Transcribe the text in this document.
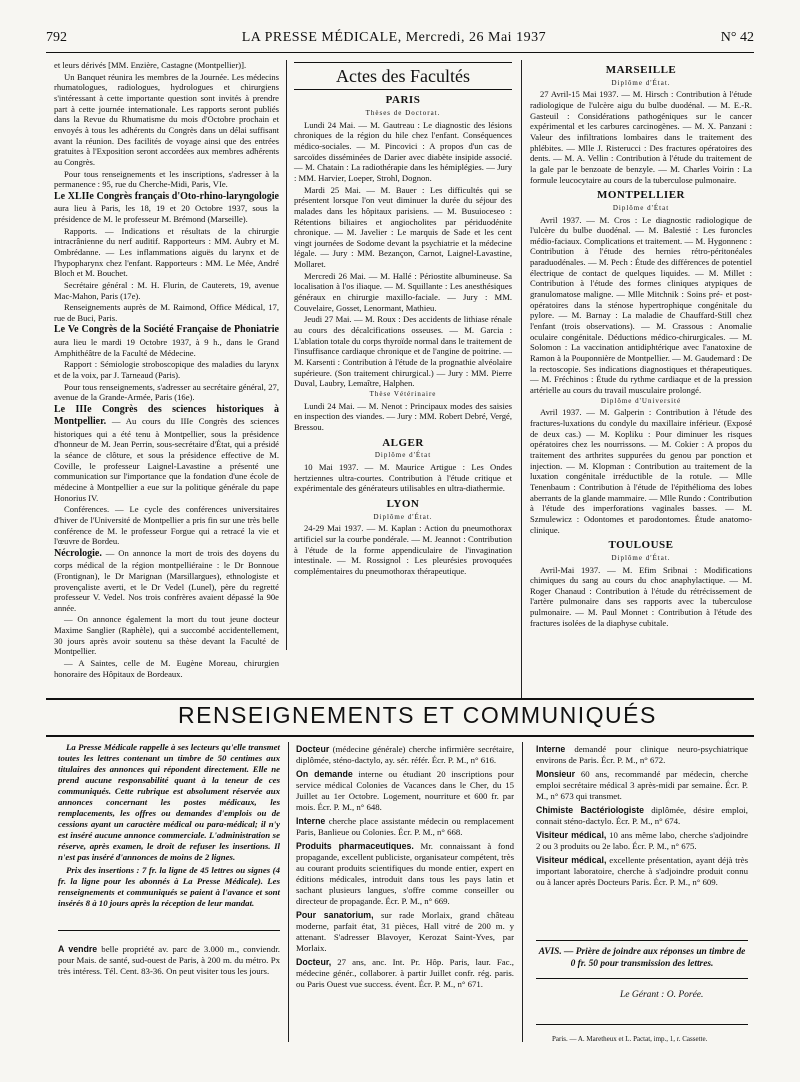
792	LA PRESSE MÉDICALE, Mercredi, 26 Mai 1937	N° 42

et leurs dérivés [MM. Enzière, Castagne (Montpellier)].

Un Banquet réunira les membres de la Journée. Les médecins rhumatologues, radiologues, hydrologues et chirurgiens s'intéressant à cette importante question sont invités à prendre part à cette journée internationale. Les rapports seront publiés dans la Revue du Rhumatisme du mois d'Octobre prochain et envoyés à tous les adhérents du Congrès dans un délai suffisant avant la réunion. Des facilités de voyage ainsi que des entrées gratuites à l'Exposition seront accordées aux membres adhérents au Congrès.

Pour tous renseignements et les inscriptions, s'adresser à la permanence : 95, rue du Cherche-Midi, Paris, VIe.

Le XLIIe Congrès français d'Oto-rhino-laryngologie aura lieu à Paris, les 18, 19 et 20 Octobre 1937, sous la présidence de M. le professeur M. Brémond (Marseille).

Rapports. — Indications et résultats de la chirurgie intracrânienne du nerf auditif. Rapporteurs : MM. Aubry et M. Ombrédanne. — Les inflammations aiguës du larynx et de l'hypopharynx chez l'enfant. Rapporteurs : MM. Le Mée, André Bloch et M. Bouchet.

Secrétaire général : M. H. Flurin, de Cauterets, 19, avenue Mac-Mahon, Paris (17e).

Renseignements auprès de M. Raimond, Office Médical, 17, rue de Buci, Paris.

Le Ve Congrès de la Société Française de Phoniatrie aura lieu le mardi 19 Octobre 1937, à 9 h., dans le Grand Amphithéâtre de la Faculté de Médecine.

Rapport : Sémiologie stroboscopique des maladies du larynx et de la voix, par J. Tarneaud (Paris).

Pour tous renseignements, s'adresser au secrétaire général, 27, avenue de la Grande-Armée, Paris (16e).

Le IIIe Congrès des sciences historiques à Montpellier. — Au cours du IIIe Congrès des sciences historiques qui a été tenu à Montpellier, sous la présidence d'honneur de M. Jean Perrin, sous-secrétaire d'État, qui a présidé la séance de clôture, et sous la présidence effective de M. Coville, le professeur Laignel-Lavastine a présenté une communication sur l'importance que la fondation d'une école de médecine à Montpellier a eue sur la politique générale du pape Honorius IV.

Conférences. — Le cycle des conférences universitaires d'hiver de l'Université de Montpellier a pris fin sur une très belle conférence de M. le professeur Forgue qui a retracé la vie et l'œuvre de Bordeu.

Nécrologie. — On annonce la mort de trois des doyens du corps médical de la région montpelliéraine : le Dr Bonnoue (Frontignan), le Dr Marignan (Marsillargues), ethnologiste et provençaliste averti, et le Dr Vedel (Lunel), père du regretté professeur V. Vedel. Nos trois confrères avaient dépassé la 90e année.

— On annonce également la mort du tout jeune docteur Maxime Sanglier (Raphèle), qui a succombé accidentellement, 30 jours après avoir soutenu sa thèse devant la Faculté de Montpellier.

— A Saintes, celle de M. Eugène Moreau, chirurgien honoraire des Hôpitaux de Bordeaux.

Actes des Facultés
PARIS
Thèses de Doctorat.

Lundi 24 Mai. — M. Gautreau : Le diagnostic des lésions chroniques de la région du hile chez l'enfant. Conséquences médico-sociales. — M. Pincovici : A propos d'un cas de sarcoïdes disséminées de Darier avec diabète insipide associé. — M. Chatain : La radiothérapie dans les hémiplégies. — Jury : MM. Harvier, Loeper, Strohl, Dognon.

Mardi 25 Mai. — M. Bauer : Les difficultés qui se présentent lorsque l'on veut diminuer la durée du séjour des malades dans les hôpitaux parisiens. — M. Busuioceseo : Rétentions biliaires et angiocholites par périduodénite chronique. — M. Javelier : Le marquis de Sade et les cent vingt journées de Sodome devant la psychiatrie et la médecine légale. — Jury : MM. Bezançon, Carnot, Laignel-Lavastine, Mollaret.

Mercredi 26 Mai. — M. Hallé : Périostite albumineuse. Sa localisation à l'os iliaque. — M. Squillante : Les anesthésiques généraux en chirurgie maxillo-faciale. — Jury : MM. Couvelaire, Gosset, Lenormant, Mathieu.

Jeudi 27 Mai. — M. Roux : Des accidents de lithiase rénale au cours des décalcifications osseuses. — M. Garcia : L'ablation totale du corps thyroïde normal dans le traitement de l'insuffisance cardiaque chronique et de l'angine de poitrine. — M. Karsenti : Contribution à l'étude de la prognathie alvéolaire supérieure. (Son traitement chirurgical.) — Jury : MM. Pierre Duval, Laubry, Lemaître, Halphen.

Thèse Vétérinaire

Lundi 24 Mai. — M. Nenot : Principaux modes des saisies en inspection des viandes. — Jury : MM. Robert Debré, Vergé, Bressou.

ALGER
Diplôme d'État

10 Mai 1937. — M. Maurice Artigue : Les Ondes hertziennes ultra-courtes. Contribution à l'étude critique et expérimentale des générateurs utilisables en ultra-diathermie.

LYON
Diplôme d'État.

24-29 Mai 1937. — M. Kaplan : Action du pneumothorax artificiel sur la courbe pondérale. — M. Jeannot : Contribution à l'étude de la forme appendiculaire de l'invagination intestinale. — M. Rossignol : Les pleurésies provoquées complémentaires du pneumothorax thérapeutique.

MARSEILLE
Diplôme d'État.

27 Avril-15 Mai 1937. — M. Hirsch : Contribution à l'étude radiologique de l'ulcère aigu du bulbe duodénal. — M. E.-R. Gasteuil : Considérations pathogéniques sur le cancer expérimental et les carbures carcinogènes. — M. X. Panzani : Valeur des infiltrations lombaires dans le traitement des phlébites. — Mlle J. Risterucci : Des fractures opératoires des dents. — M. A. Vellin : Contribution à l'étude du traitement de la gale par le benzoate de benzyle. — M. Charles Voirin : La formule leucocytaire au cours de la tuberculose pulmonaire.

MONTPELLIER
Diplôme d'État

Avril 1937. — M. Cros : Le diagnostic radiologique de l'ulcère du bulbe duodénal. — M. Balestié : Les furoncles médio-faciaux. Complications et traitement. — M. Hygonnenc : Contribution à l'étude des hernies rétro-péritonéales paraduodénales. — M. Pech : Étude des différences de potentiel électrique de contact de quelques liquides. — M. Millet : Contribution à l'étude des formes cliniques atypiques de granulomatose maligne. — Mlle Mitchnik : Soins pré- et post-opératoires dans la sténose hypertrophique congénitale du pylore. — M. Barnay : La maladie de Chauffard-Still chez l'enfant (trois observations). — M. Crassous : Anomalie oculaire congénitale. Déductions médico-chirurgicales. — M. Solomon : La vaccination antidiphtérique avec l'anatoxine de Ramon à la Pouponnière de Montpellier. — M. Gaudemard : De la rectoscopie. Ses indications diagnostiques et thérapeutiques. — M. Fréchinos : Étude du rythme cardiaque et de la pression artérielle au cours du travail musculaire prolongé.

Diplôme d'Université

Avril 1937. — M. Galperin : Contribution à l'étude des fractures-luxations du condyle du maxillaire inférieur. (Exposé de deux cas.) — M. Kopliku : Pour diminuer les risques opératoires chez les nourrissons. — M. Cokier : A propos du traitement des arthrites suppurées du genou par ponction et injection. — M. Klopman : Contribution au traitement de la luxation congénitale irréductible de la rotule. — Mlle Tenenbaum : Contribution à l'étude de l'épithélioma des lobes aberrants de la glande mammaire. — Mlle Rundo : Contribution à l'étude des imperforations vaginales basses. — M. Szmulewicz : Odontomes et parodontomes. Étude anatomo-clinique.

TOULOUSE
Diplôme d'État.

Avril-Mai 1937. — M. Efim Sribnai : Modifications chimiques du sang au cours du choc anaphylactique. — M. Roger Chanaud : Contribution à l'étude du rétrécissement de l'artère pulmonaire dans ses rapports avec la tuberculose pulmonaire. — M. Paul Monnet : Contribution à l'étude des fractures isolées de la diaphyse cubitale.

RENSEIGNEMENTS ET COMMUNIQUÉS

La Presse Médicale rappelle à ses lecteurs qu'elle transmet toutes les lettres contenant un timbre de 50 centimes aux titulaires des annonces qui répondent directement. Elle ne prend aucune responsabilité quant à la teneur de ces communiqués. Cette rubrique est absolument réservée aux annonces concernant les postes médicaux, les remplacements, les offres ou demandes d'emplois ou de cessions ayant un caractère médical ou para-médical; il n'y est inséré aucune annonce commerciale. L'administration se réserve, après examen, le droit de refuser les insertions. Il n'est pas inséré d'annonces de moins de 2 lignes.

Prix des insertions : 7 fr. la ligne de 45 lettres ou signes (4 fr. la ligne pour les abonnés à La Presse Médicale). Les renseignements et communiqués se paient à l'avance et sont insérés 8 à 10 jours après la réception de leur mandat.

A vendre belle propriété av. parc de 3.000 m., conviendr. pour Mais. de santé, sud-ouest de Paris, à 200 m. du métro. Px très intéress. Tél. Cent. 83-36. On peut visiter tous les jours.

Docteur (médecine générale) cherche infirmière secrétaire, diplômée, sténo-dactylo, ay. sér. référ. Écr. P. M., n° 616.

On demande interne ou étudiant 20 inscriptions pour service médical Colonies de Vacances dans le Cher, du 15 Juillet au 1er Octobre. Logement, nourriture et 600 fr. par mois. Écr. P. M., n° 648.

Interne cherche place assistante médecin ou remplacement Paris, Banlieue ou Colonies. Écr. P. M., n° 668.

Produits pharmaceutiques. Mr. connaissant à fond propagande, excellent publiciste, organisateur compétent, très au courant produits scientifiques du monde entier, expert en éditions médicales, introduit dans tous les pays latin et sachant plusieurs langues, s'offre comme conseiller ou directeur de propagande. Écr. P. M., n° 669.

Pour sanatorium, sur rade Morlaix, grand château moderne, parfait état, 31 pièces, Hall vitré de 200 m. y attenant. S'adresser Blavoyer, Kerozat Saint-Yves, par Morlaix.

Docteur, 27 ans, anc. Int. Pr. Hôp. Paris, laur. Fac., médecine génér., collaborer. à partir Juillet confr. rég. paris. ou Paris Ouest vue success. évent. Écr. P. M., n° 671.

Interne demandé pour clinique neuro-psychiatrique environs de Paris. Écr. P. M., n° 672.

Monsieur 60 ans, recommandé par médecin, cherche emploi secrétaire médical 3 après-midi par semaine. Écr. P. M., n° 673 qui transmet.

Chimiste Bactériologiste diplômée, désire emploi, connait sténo-dactylo. Écr. P. M., n° 674.

Visiteur médical, 10 ans même labo, cherche s'adjoindre 2 ou 3 produits ou 2e labo. Écr. P. M., n° 675.

Visiteur médical, excellente présentation, ayant déjà très important laboratoire, cherche à s'adjoindre produit connu ou à lancer après Docteurs Paris. Écr. P. M., n° 609.

AVIS. — Prière de joindre aux réponses un timbre de 0 fr. 50 pour transmission des lettres.
Le Gérant : O. Porée.
Paris. — A. Maretheux et L. Pactat, imp., 1, r. Cassette.
